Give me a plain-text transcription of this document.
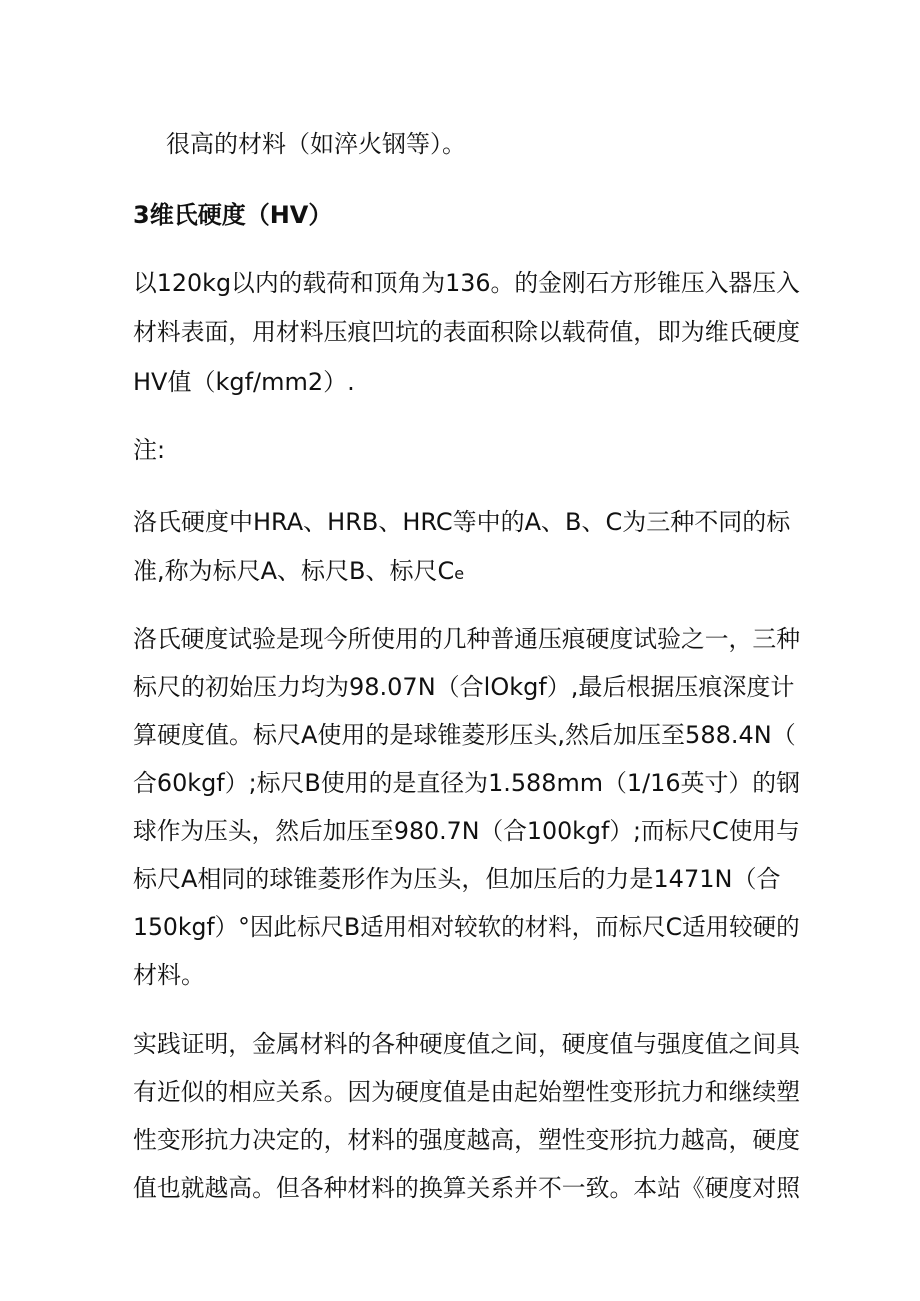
很高的材料（如淬火钢等）。
3维氏硬度（HV）
以120kg以内的载荷和顶角为136。的金刚石方形锥压入器压入
材料表面，用材料压痕凹坑的表面积除以载荷值，即为维氏硬度
HV值（kgf∕mm2）.
注:
洛氏硬度中HRA、HRB、HRC等中的A、B、C为三种不同的标
准,称为标尺A、标尺B、标尺Ce
洛氏硬度试验是现今所使用的几种普通压痕硬度试验之一，三种
标尺的初始压力均为98.07N（合lOkgf）,最后根据压痕深度计
算硬度值。标尺A使用的是球锥菱形压头,然后加压至588.4N（
合60kgf）;标尺B使用的是直径为1.588mm（1∕16英寸）的钢
球作为压头，然后加压至980.7N（合100kgf）;而标尺C使用与
标尺A相同的球锥菱形作为压头，但加压后的力是1471N（合
150kgf）°因此标尺B适用相对较软的材料，而标尺C适用较硬的
材料。
实践证明，金属材料的各种硬度值之间，硬度值与强度值之间具
有近似的相应关系。因为硬度值是由起始塑性变形抗力和继续塑
性变形抗力决定的，材料的强度越高，塑性变形抗力越高，硬度
值也就越高。但各种材料的换算关系并不一致。本站《硬度对照
